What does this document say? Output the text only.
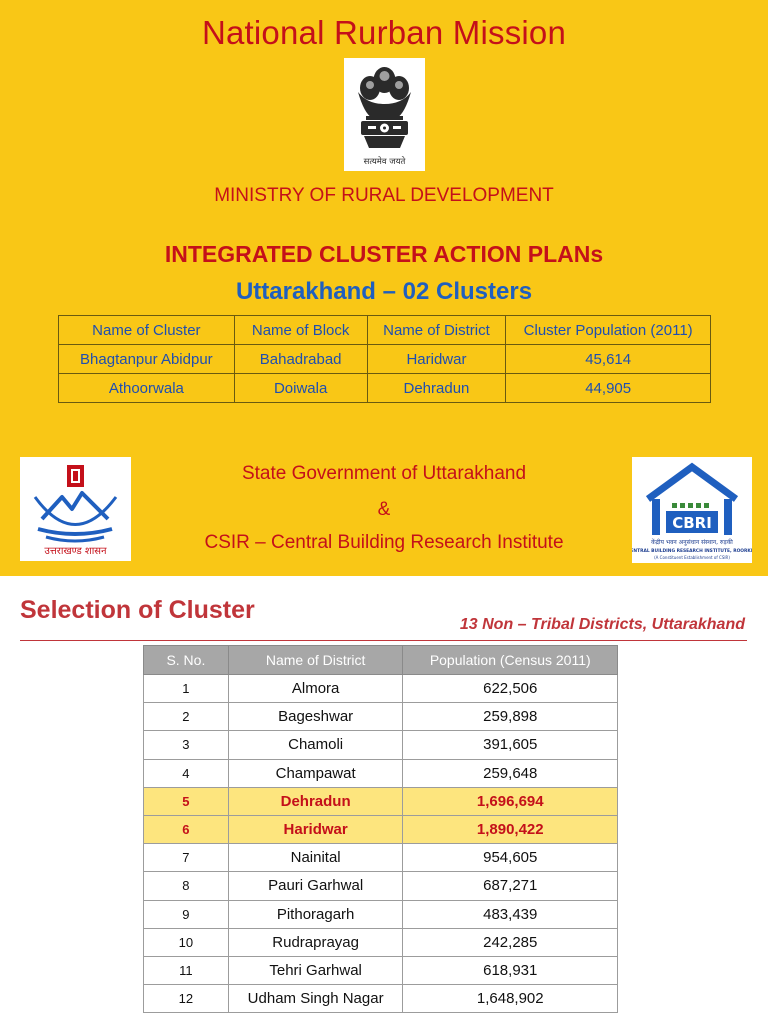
National Rurban Mission
सत्यमेव जयते
MINISTRY OF RURAL DEVELOPMENT
INTEGRATED CLUSTER ACTION PLANs
Uttarakhand – 02 Clusters
Name of Cluster	Name of Block	Name of District	Cluster Population (2011)
Bhagtanpur Abidpur	Bahadrabad	Haridwar	45,614
Athoorwala	Doiwala	Dehradun	44,905
उत्तराखण्ड शासन
State Government of Uttarakhand
&
CSIR – Central Building Research Institute
CBRI
केंद्रीय भवन अनुसंधान संस्थान, रुड़की
CENTRAL BUILDING RESEARCH INSTITUTE, ROORKEE
(A Constituent Establishment of CSIR)
Selection of Cluster
13 Non – Tribal Districts, Uttarakhand
S. No.	Name of District	Population (Census 2011)
1	Almora	622,506
2	Bageshwar	259,898
3	Chamoli	391,605
4	Champawat	259,648
5	Dehradun	1,696,694
6	Haridwar	1,890,422
7	Nainital	954,605
8	Pauri Garhwal	687,271
9	Pithoragarh	483,439
10	Rudraprayag	242,285
11	Tehri Garhwal	618,931
12	Udham Singh Nagar	1,648,902
